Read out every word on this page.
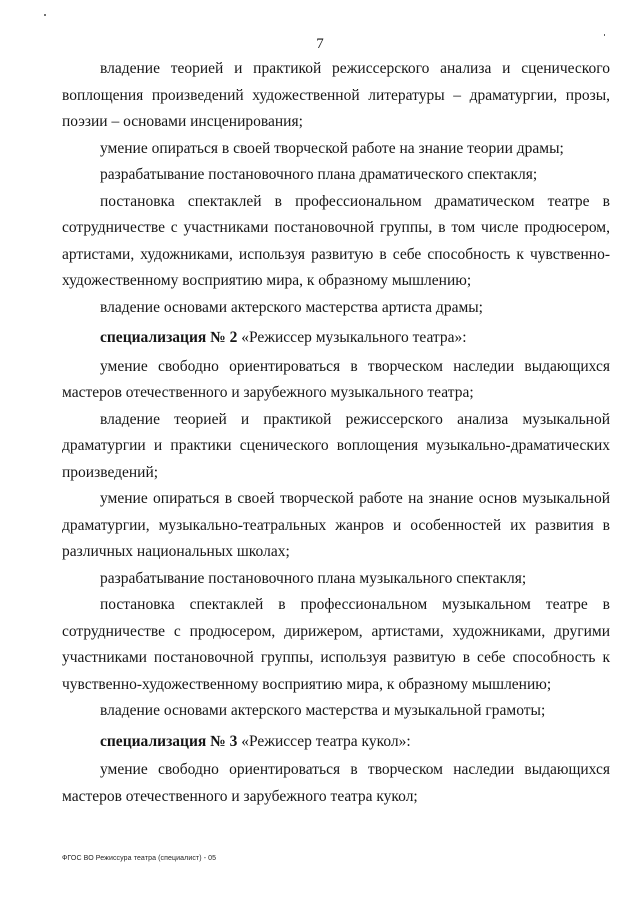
7

владение теорией и практикой режиссерского анализа и сценического воплощения произведений художественной литературы – драматургии, прозы, поэзии – основами инсценирования;

умение опираться в своей творческой работе на знание теории драмы;

разрабатывание постановочного плана драматического спектакля;

постановка спектаклей в профессиональном драматическом театре в сотрудничестве с участниками постановочной группы, в том числе продюсером, артистами, художниками, используя развитую в себе способность к чувственно-художественному восприятию мира, к образному мышлению;

владение основами актерского мастерства артиста драмы;

специализация № 2 «Режиссер музыкального театра»:

умение свободно ориентироваться в творческом наследии выдающихся мастеров отечественного и зарубежного музыкального театра;

владение теорией и практикой режиссерского анализа музыкальной драматургии и практики сценического воплощения музыкально-драматических произведений;

умение опираться в своей творческой работе на знание основ музыкальной драматургии, музыкально-театральных жанров и особенностей их развития в различных национальных школах;

разрабатывание постановочного плана музыкального спектакля;

постановка спектаклей в профессиональном музыкальном театре в сотрудничестве с продюсером, дирижером, артистами, художниками, другими участниками постановочной группы, используя развитую в себе способность к чувственно-художественному восприятию мира, к образному мышлению;

владение основами актерского мастерства и музыкальной грамоты;

специализация № 3 «Режиссер театра кукол»:

умение свободно ориентироваться в творческом наследии выдающихся мастеров отечественного и зарубежного театра кукол;

ФГОС ВО Режиссура театра (специалист) - 05
